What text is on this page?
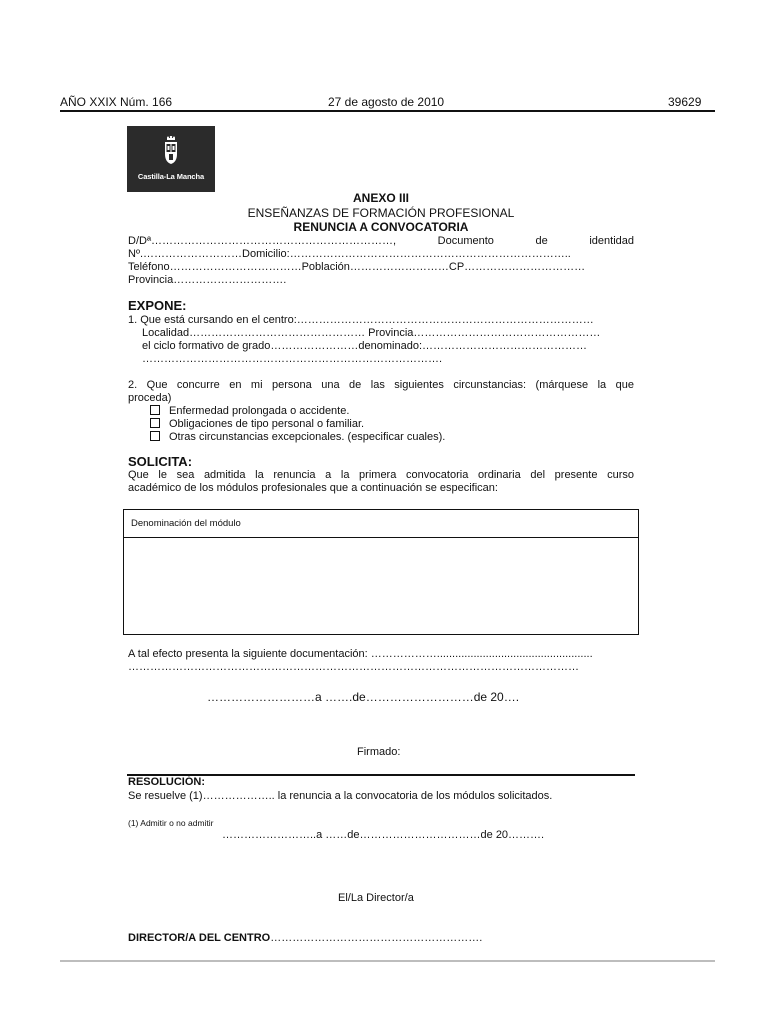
AÑO XXIX Núm. 166	27 de agosto de 2010	39629
Castilla-La Mancha
ANEXO III
ENSEÑANZAS DE FORMACIÓN PROFESIONAL
RENUNCIA A CONVOCATORIA
D/Dª…………………………………………………………, Documento de identidad
Nº.………………………Domicilio:…………………………………………………………………..
Teléfono………………………………Población………………………CP……………………………
Provincia………………………….
EXPONE:
1. Que está cursando en el centro:………………………………………………………………………
Localidad………………………………………… Provincia……………………………………………
el ciclo formativo de grado……………………denominado:………………………………………
……………………………………………………………………….
2. Que concurre en mi persona una de las siguientes circunstancias: (márquese la que
proceda)
Enfermedad prolongada o accidente.
Obligaciones de tipo personal o familiar.
Otras circunstancias excepcionales. (especificar cuales).
SOLICITA:
Que le sea admitida la renuncia a la primera convocatoria ordinaria del presente curso
académico de los módulos profesionales que a continuación se especifican:
Denominación del módulo
A tal efecto presenta la siguiente documentación: ………………...................................................
……………………………………………………………………………………………………………
………………………a …….de………………………de 20….
Firmado:
RESOLUCIÓN:
Se resuelve (1)……………….. la renuncia a la convocatoria de los módulos solicitados.
(1) Admitir o no admitir
……………………..a ……de……………………………de 20……….
El/La Director/a
DIRECTOR/A DEL CENTRO………………………………………………….
